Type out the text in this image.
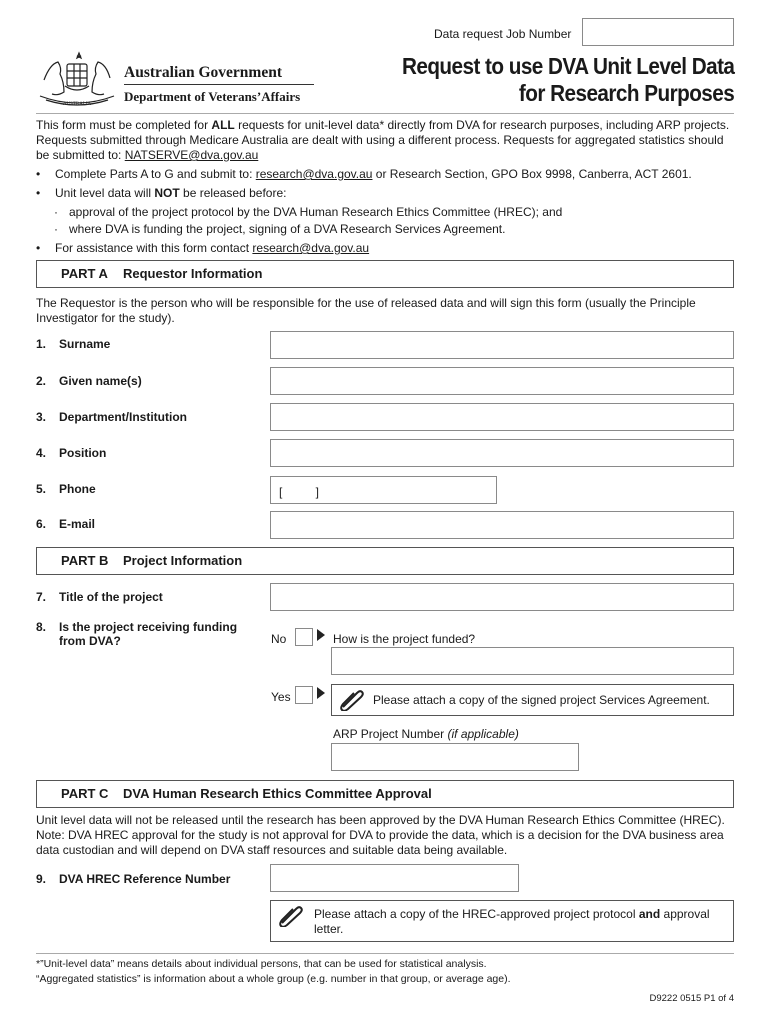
Data request Job Number
AUSTRALIA
Australian Government
Department of Veterans’Affairs
Request to use DVA Unit Level Data
for Research Purposes
This form must be completed for ALL requests for unit-level data* directly from DVA for research purposes, including ARP projects. Requests submitted through Medicare Australia are dealt with using a different process. Requests for aggregated statistics should be submitted to: NATSERVE@dva.gov.au
• Complete Parts A to G and submit to: research@dva.gov.au or Research Section, GPO Box 9998, Canberra, ACT 2601.
• Unit level data will NOT be released before:
· approval of the project protocol by the DVA Human Research Ethics Committee (HREC); and
· where DVA is funding the project, signing of a DVA Research Services Agreement.
• For assistance with this form contact research@dva.gov.au
PART A Requestor Information
The Requestor is the person who will be responsible for the use of released data and will sign this form (usually the Principle Investigator for the study).
1. Surname
2. Given name(s)
3. Department/Institution
4. Position
5. Phone	[          ]
6. E-mail
PART B Project Information
7. Title of the project
8. Is the project receiving funding
from DVA?	No	How is the project funded?
Yes	Please attach a copy of the signed project Services Agreement.
ARP Project Number (if applicable)
PART C DVA Human Research Ethics Committee Approval
Unit level data will not be released until the research has been approved by the DVA Human Research Ethics Committee (HREC). Note: DVA HREC approval for the study is not approval for DVA to provide the data, which is a decision for the DVA business area data custodian and will depend on DVA staff resources and suitable data being available.
9. DVA HREC Reference Number
Please attach a copy of the HREC-approved project protocol and approval letter.
*”Unit-level data” means details about individual persons, that can be used for statistical analysis.
“Aggregated statistics” is information about a whole group (e.g. number in that group, or average age).
D9222 0515 P1 of 4
